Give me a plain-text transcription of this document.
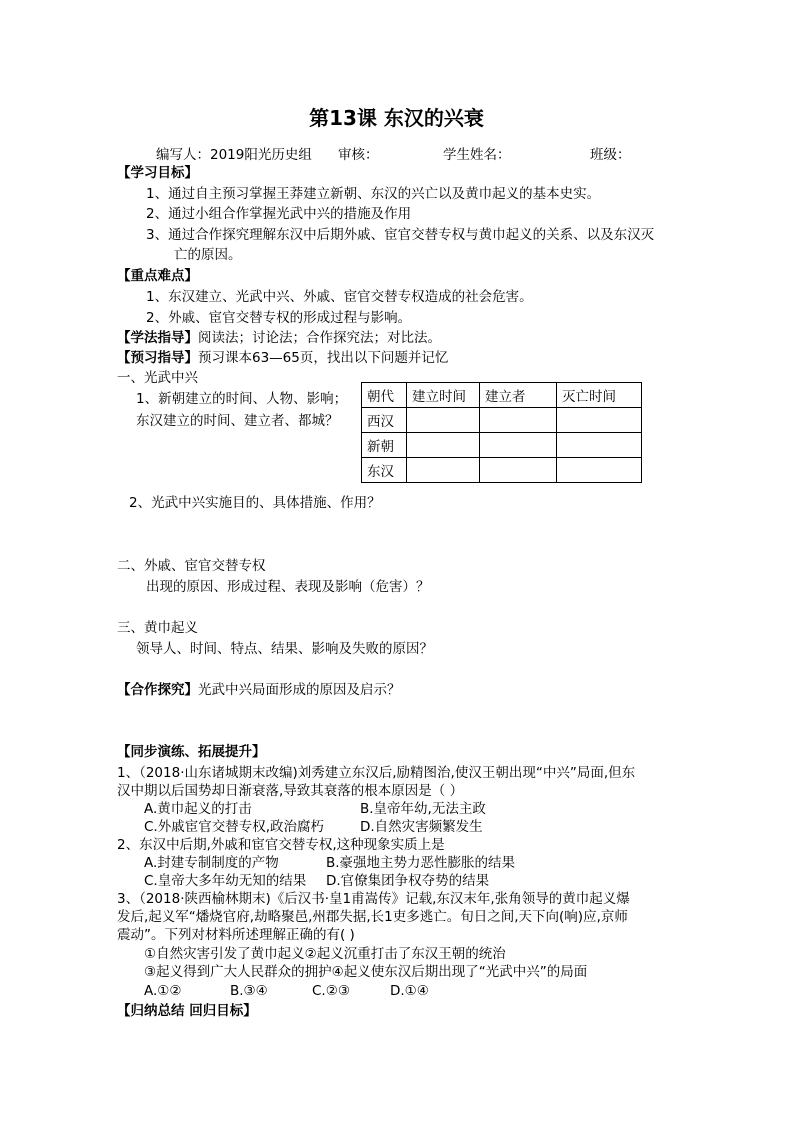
第13课 东汉的兴衰
编写人：2019阳光历史组 审核：	学生姓名：	班级：
【学习目标】
1、通过自主预习掌握王莽建立新朝、东汉的兴亡以及黄巾起义的基本史实。
2、通过小组合作掌握光武中兴的措施及作用
3、通过合作探究理解东汉中后期外戚、宦官交替专权与黄巾起义的关系、以及东汉灭
亡的原因。
【重点难点】
1、东汉建立、光武中兴、外戚、宦官交替专权造成的社会危害。
2、外戚、宦官交替专权的形成过程与影响。
【学法指导】阅读法；讨论法；合作探究法；对比法。
【预习指导】预习课本63—65页，找出以下问题并记忆
一、光武中兴
1、新朝建立的时间、人物、影响；
东汉建立的时间、建立者、都城？
朝代	建立时间	建立者	灭亡时间
西汉			
新朝			
东汉			
2、光武中兴实施目的、具体措施、作用？
二、外戚、宦官交替专权
出现的原因、形成过程、表现及影响（危害）？
三、黄巾起义
领导人、时间、特点、结果、影响及失败的原因？
【合作探究】光武中兴局面形成的原因及启示？
【同步演练、拓展提升】
1、（2018·山东诸城期末改编)刘秀建立东汉后,励精图治,使汉王朝出现“中兴”局面,但东
汉中期以后国势却日渐衰落,导致其衰落的根本原因是（ ）
A.黄巾起义的打击	B.皇帝年幼,无法主政
C.外戚宦官交替专权,政治腐朽	D.自然灾害频繁发生
2、东汉中后期,外戚和宦官交替专权,这种现象实质上是
A.封建专制制度的产物	B.豪强地主势力恶性膨胀的结果
C.皇帝大多年幼无知的结果 D.官僚集团争权夺势的结果
3、（2018·陕西榆林期末)《后汉书·皇1甫嵩传》记载,东汉末年,张角领导的黄巾起义爆
发后,起义军“燔烧官府,劫略聚邑,州郡失据,长1吏多逃亡。旬日之间,天下向(响)应,京师
震动”。下列对材料所述理解正确的有( )
①自然灾害引发了黄巾起义②起义沉重打击了东汉王朝的统治
③起义得到广大人民群众的拥护④起义使东汉后期出现了“光武中兴”的局面
A.①②	B.③④	C.②③	D.①④
【归纳总结 回归目标】
